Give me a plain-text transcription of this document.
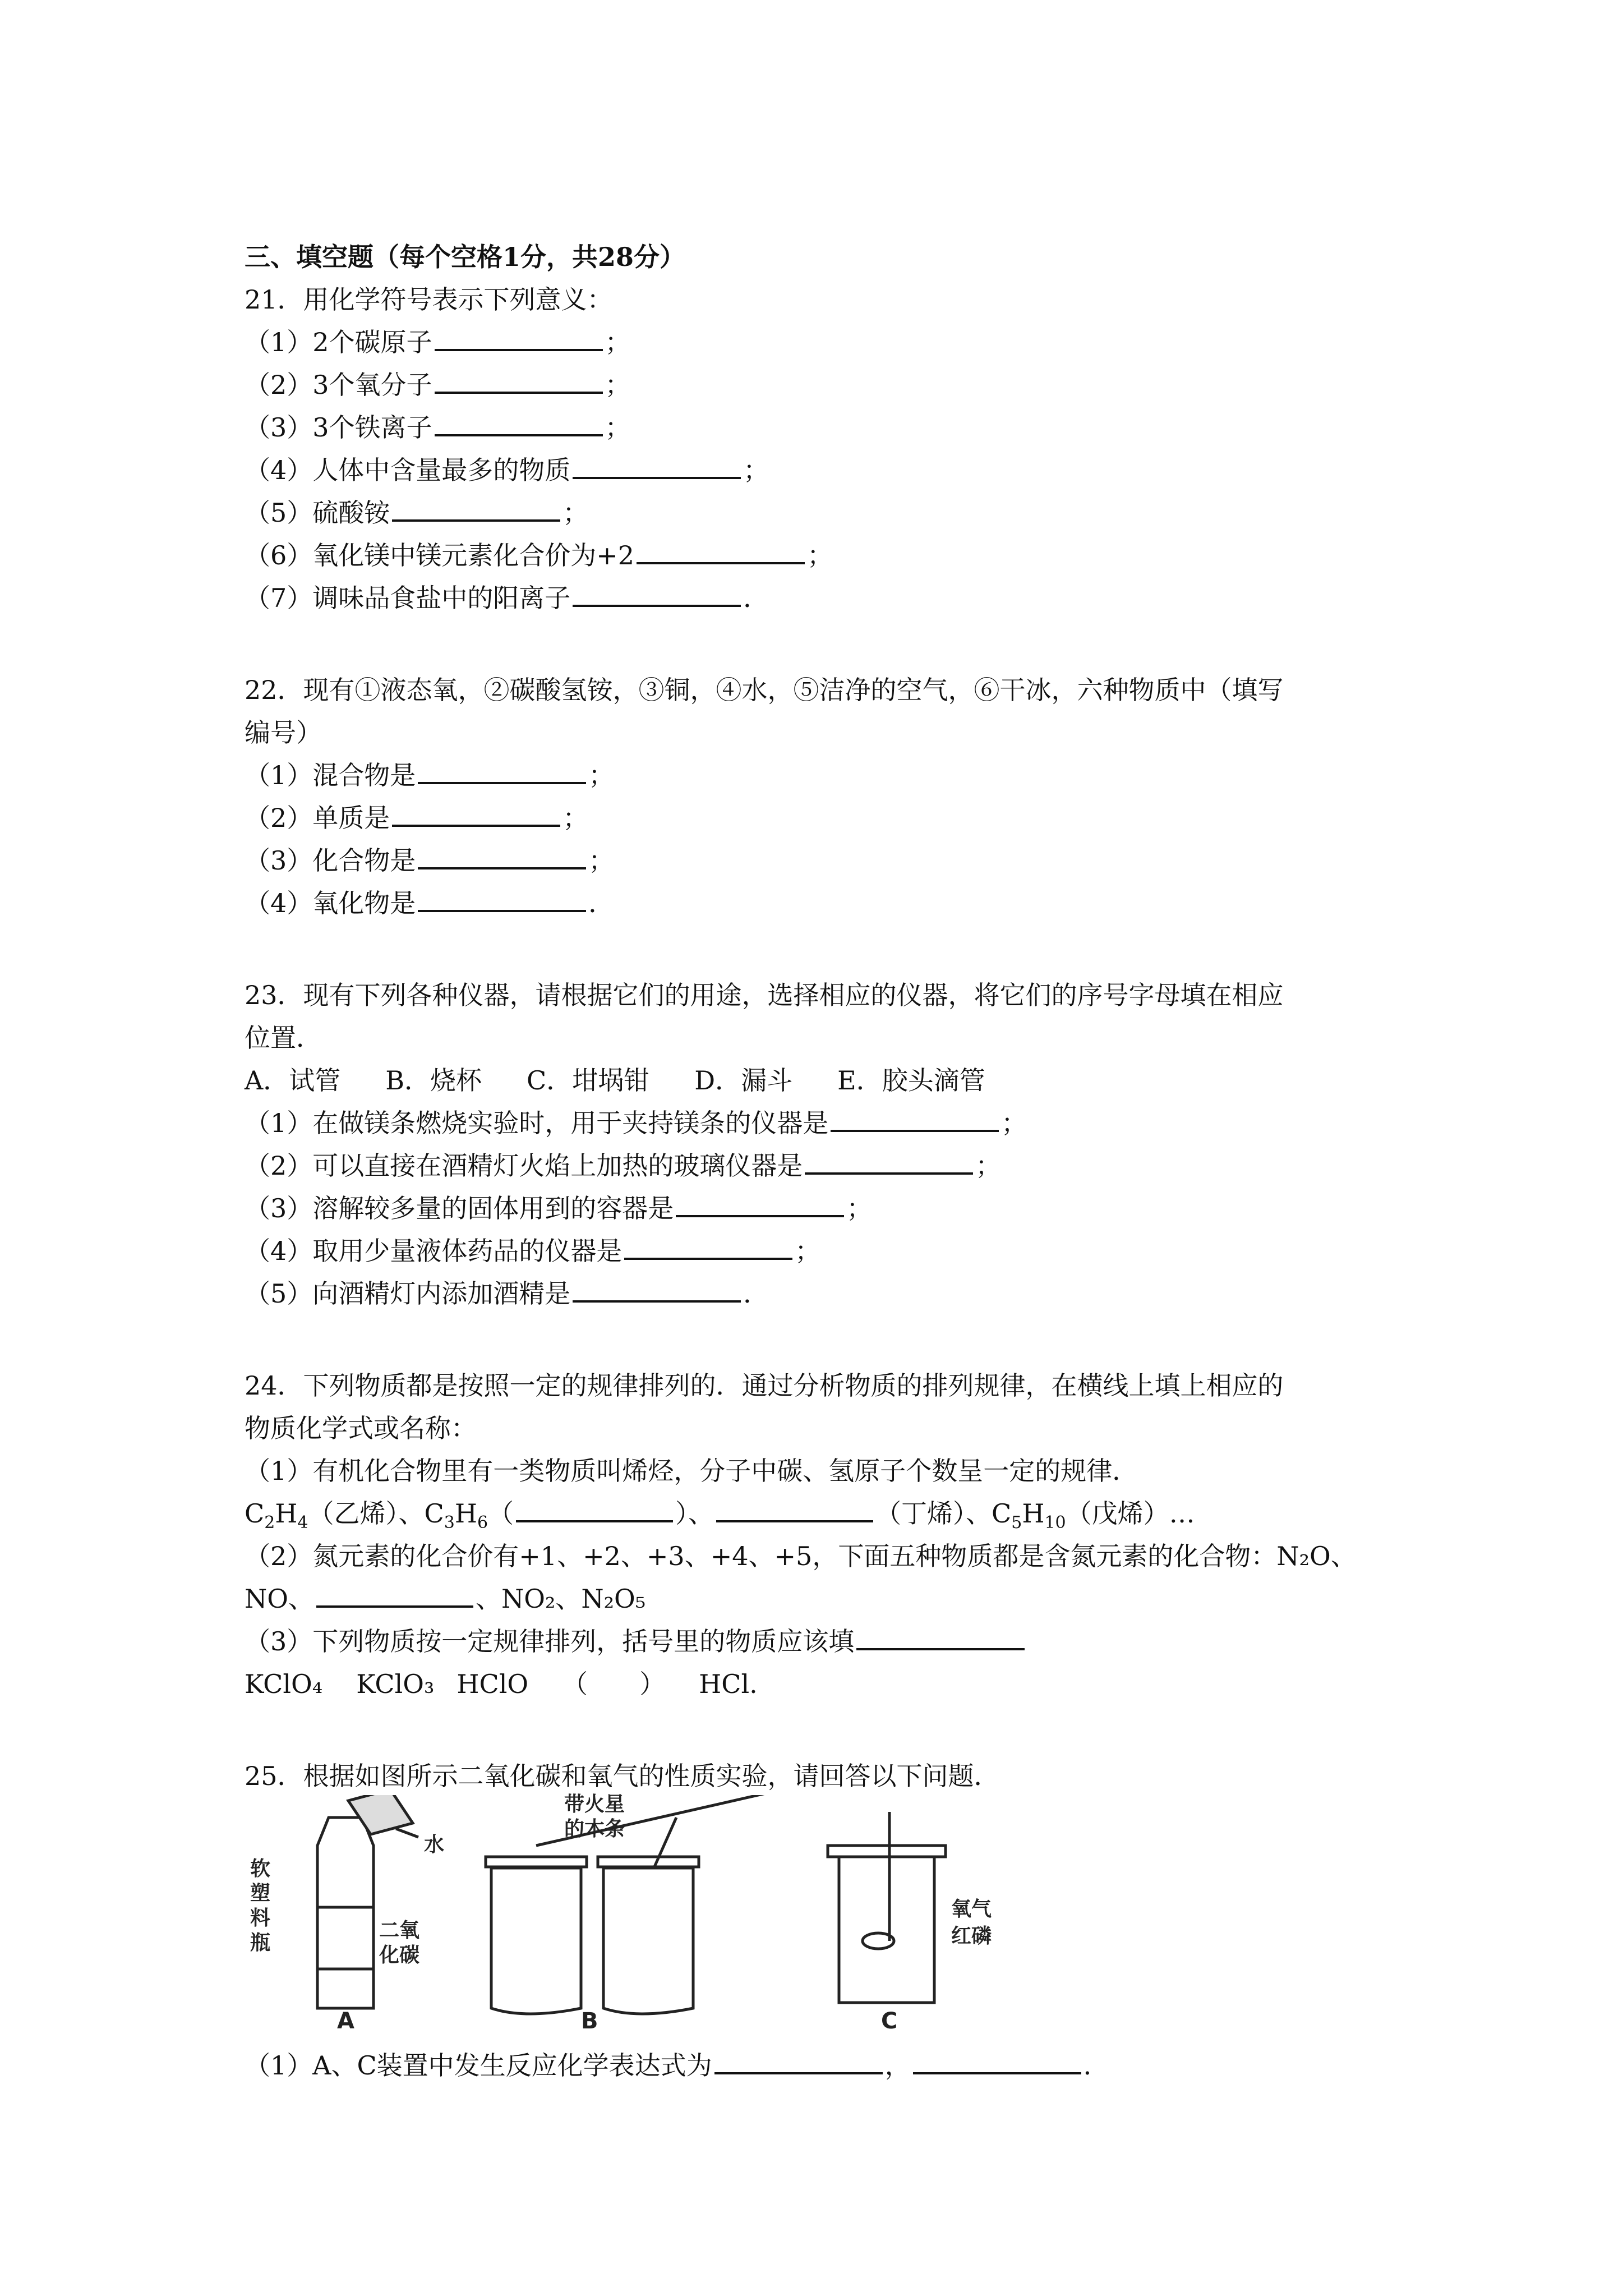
三、填空题（每个空格1分，共28分）
21．用化学符号表示下列意义：
（1）2个碳原子	；
（2）3个氧分子	；
（3）3个铁离子	；
（4）人体中含量最多的物质	；
（5）硫酸铵	；
（6）氧化镁中镁元素化合价为+2	；
（7）调味品食盐中的阳离子	．
22．现有①液态氧，②碳酸氢铵，③铜，④水，⑤洁净的空气，⑥干冰，六种物质中（填写
编号）
（1）混合物是	；
（2）单质是	；
（3）化合物是	；
（4）氧化物是	．
23．现有下列各种仪器，请根据它们的用途，选择相应的仪器，将它们的序号字母填在相应
位置．
A．试管 B．烧杯 C．坩埚钳 D．漏斗 E．胶头滴管
（1）在做镁条燃烧实验时，用于夹持镁条的仪器是	；
（2）可以直接在酒精灯火焰上加热的玻璃仪器是	；
（3）溶解较多量的固体用到的容器是	；
（4）取用少量液体药品的仪器是	；
（5）向酒精灯内添加酒精是	．
24．下列物质都是按照一定的规律排列的．通过分析物质的排列规律，在横线上填上相应的
物质化学式或名称：
（1）有机化合物里有一类物质叫烯烃，分子中碳、氢原子个数呈一定的规律．
$C_2H_4$（乙烯）、$C_3H_6$（	）、	（丁烯）、$C_5H_{10}$（戊烯）…
（2）氮元素的化合价有+1、+2、+3、+4、+5，下面五种物质都是含氮元素的化合物：N₂O、
NO、	、NO₂、N₂O₅
（3）下列物质按一定规律排列，括号里的物质应该填
KClO₄ KClO₃ HClO （　　） HCl.
25．根据如图所示二氧化碳和氧气的性质实验，请回答以下问题．
（1）A、C装置中发生反应化学表达式为	，	．
软
塑
料
瓶
水
二氧
化碳
带火星
的木条
氧气
红磷
A	B	C
